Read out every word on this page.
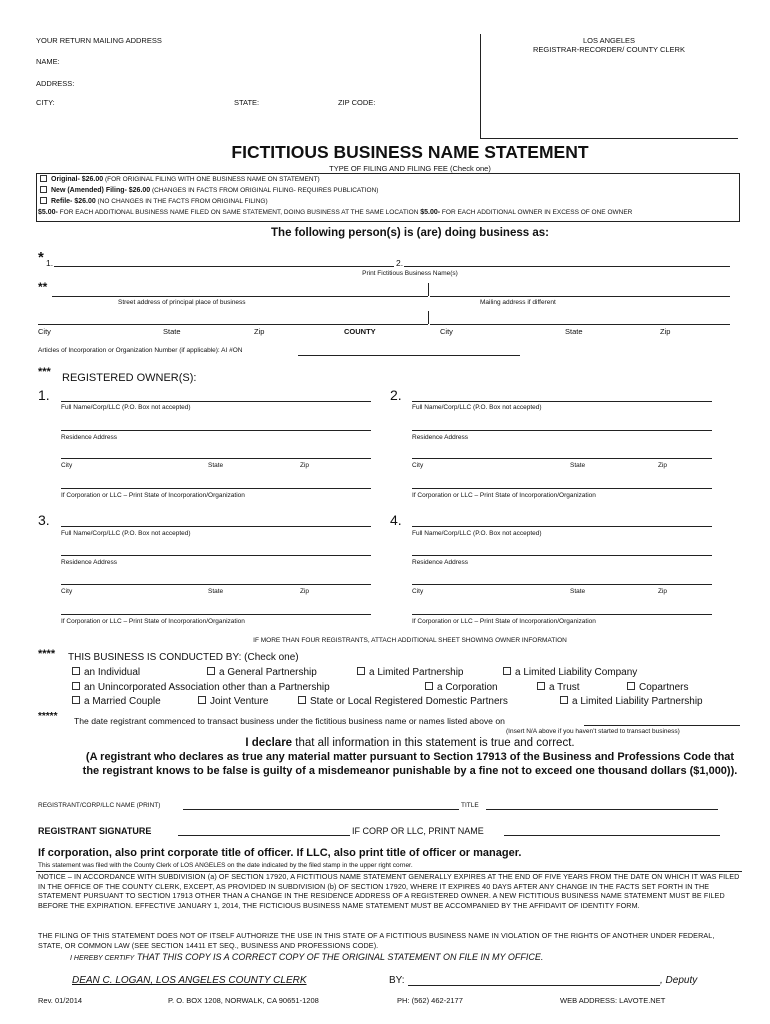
YOUR RETURN MAILING ADDRESS
NAME:
ADDRESS:
CITY:	STATE:	ZIP CODE:
LOS ANGELES
REGISTRAR-RECORDER/ COUNTY CLERK
FICTITIOUS BUSINESS NAME STATEMENT
TYPE OF FILING AND FILING FEE (Check one)
Original- $26.00 (FOR ORIGINAL FILING WITH ONE BUSINESS NAME ON STATEMENT)
New (Amended) Filing- $26.00 (CHANGES IN FACTS FROM ORIGINAL FILING- REQUIRES PUBLICATION)
Refile- $26.00 (NO CHANGES IN THE FACTS FROM ORIGINAL FILING)
$5.00- FOR EACH ADDITIONAL BUSINESS NAME FILED ON SAME STATEMENT, DOING BUSINESS AT THE SAME LOCATION $5.00- FOR EACH ADDITIONAL OWNER IN EXCESS OF ONE OWNER
The following person(s) is (are) doing business as:
* 1.	2.
Print Fictitious Business Name(s)
**
Street address of principal place of business	Mailing address if different
City	State	Zip	COUNTY	City	State	Zip
Articles of Incorporation or Organization Number (if applicable): AI #ON
*** REGISTERED OWNER(S):
1.
Full Name/Corp/LLC (P.O. Box not accepted)
Residence Address
City	State	Zip
If Corporation or LLC – Print State of Incorporation/Organization
2.
Full Name/Corp/LLC (P.O. Box not accepted)
Residence Address
City	State	Zip
If Corporation or LLC – Print State of Incorporation/Organization
3.
Full Name/Corp/LLC (P.O. Box not accepted)
Residence Address
City	State	Zip
If Corporation or LLC – Print State of Incorporation/Organization
4.
Full Name/Corp/LLC (P.O. Box not accepted)
Residence Address
City	State	Zip
If Corporation or LLC – Print State of Incorporation/Organization
IF MORE THAN FOUR REGISTRANTS, ATTACH ADDITIONAL SHEET SHOWING OWNER INFORMATION
**** THIS BUSINESS IS CONDUCTED BY: (Check one)
an Individual	a General Partnership	a Limited Partnership	a Limited Liability Company
an Unincorporated Association other than a Partnership	a Corporation	a Trust	Copartners
a Married Couple	Joint Venture	State or Local Registered Domestic Partners	a Limited Liability Partnership
***** The date registrant commenced to transact business under the fictitious business name or names listed above on
(Insert N/A above if you haven’t started to transact business)
I declare that all information in this statement is true and correct.
(A registrant who declares as true any material matter pursuant to Section 17913 of the Business and Professions Code that
the registrant knows to be false is guilty of a misdemeanor punishable by a fine not to exceed one thousand dollars ($1,000)).
REGISTRANT/CORP/LLC NAME (PRINT)	TITLE
REGISTRANT SIGNATURE	IF CORP OR LLC, PRINT NAME
If corporation, also print corporate title of officer. If LLC, also print title of officer or manager.
This statement was filed with the County Clerk of LOS ANGELES on the date indicated by the filed stamp in the upper right corner.
NOTICE – IN ACCORDANCE WITH SUBDIVISION (a) OF SECTION 17920, A FICTITIOUS NAME STATEMENT GENERALLY EXPIRES AT THE END OF FIVE YEARS FROM THE DATE ON WHICH IT WAS FILED IN THE OFFICE OF THE COUNTY CLERK, EXCEPT, AS PROVIDED IN SUBDIVISION (b) OF SECTION 17920, WHERE IT EXPIRES 40 DAYS AFTER ANY CHANGE IN THE FACTS SET FORTH IN THE STATEMENT PURSUANT TO SECTION 17913 OTHER THAN A CHANGE IN THE RESIDENCE ADDRESS OF A REGISTERED OWNER. A NEW FICTITIOUS BUSINESS NAME STATEMENT MUST BE FILED BEFORE THE EXPIRATION. EFFECTIVE JANUARY 1, 2014, THE FICTICIOUS BUSINESS NAME STATEMENT MUST BE ACCOMPANIED BY THE AFFIDAVIT OF IDENTITY FORM.
THE FILING OF THIS STATEMENT DOES NOT OF ITSELF AUTHORIZE THE USE IN THIS STATE OF A FICTITIOUS BUSINESS NAME IN VIOLATION OF THE RIGHTS OF ANOTHER UNDER FEDERAL, STATE, OR COMMON LAW (SEE SECTION 14411 ET SEQ., BUSINESS AND PROFESSIONS CODE).
I HEREBY CERTIFY THAT THIS COPY IS A CORRECT COPY OF THE ORIGINAL STATEMENT ON FILE IN MY OFFICE.
DEAN C. LOGAN, LOS ANGELES COUNTY CLERK	BY:	, Deputy
Rev. 01/2014	P. O. BOX 1208, NORWALK, CA 90651-1208	PH: (562) 462-2177	WEB ADDRESS: LAVOTE.NET
